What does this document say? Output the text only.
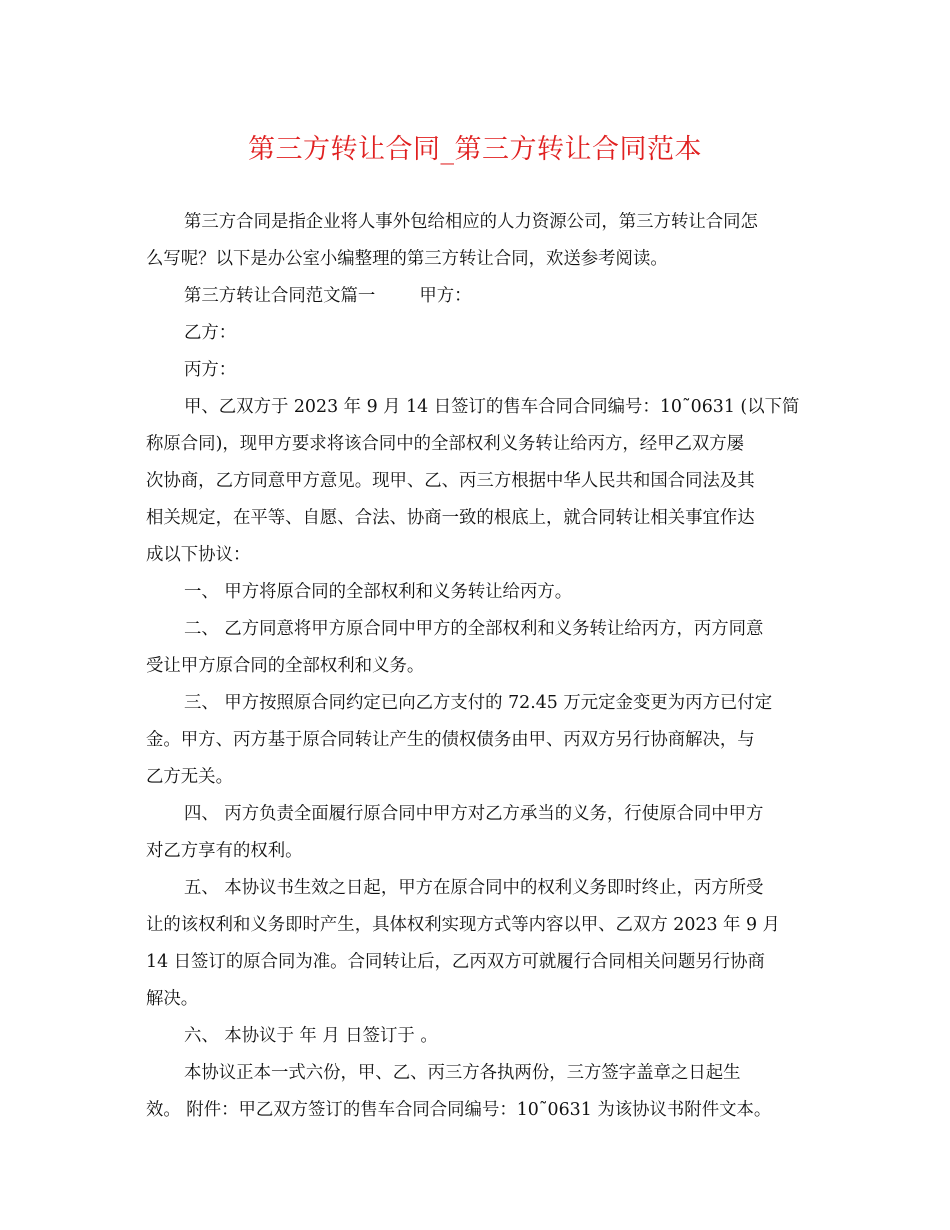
第三方转让合同_第三方转让合同范本
第三方合同是指企业将人事外包给相应的人力资源公司，第三方转让合同怎
么写呢？以下是办公室小编整理的第三方转让合同，欢送参考阅读。
第三方转让合同范文篇一	甲方：
乙方：
丙方：
甲、乙双方于 2023 年 9 月 14 日签订的售车合同合同编号：10˜0631 (以下简
称原合同)，现甲方要求将该合同中的全部权利义务转让给丙方，经甲乙双方屡
次协商，乙方同意甲方意见。现甲、乙、丙三方根据中华人民共和国合同法及其
相关规定，在平等、自愿、合法、协商一致的根底上，就合同转让相关事宜作达
成以下协议：
一、 甲方将原合同的全部权利和义务转让给丙方。
二、 乙方同意将甲方原合同中甲方的全部权利和义务转让给丙方，丙方同意
受让甲方原合同的全部权利和义务。
三、 甲方按照原合同约定已向乙方支付的 72.45 万元定金变更为丙方已付定
金。甲方、丙方基于原合同转让产生的债权债务由甲、丙双方另行协商解决，与
乙方无关。
四、 丙方负责全面履行原合同中甲方对乙方承当的义务，行使原合同中甲方
对乙方享有的权利。
五、 本协议书生效之日起，甲方在原合同中的权利义务即时终止，丙方所受
让的该权利和义务即时产生，具体权利实现方式等内容以甲、乙双方 2023 年 9 月
14 日签订的原合同为准。合同转让后，乙丙双方可就履行合同相关问题另行协商
解决。
六、 本协议于 年 月 日签订于 。
本协议正本一式六份，甲、乙、丙三方各执两份，三方签字盖章之日起生
效。 附件：甲乙双方签订的售车合同合同编号：10˜0631 为该协议书附件文本。
